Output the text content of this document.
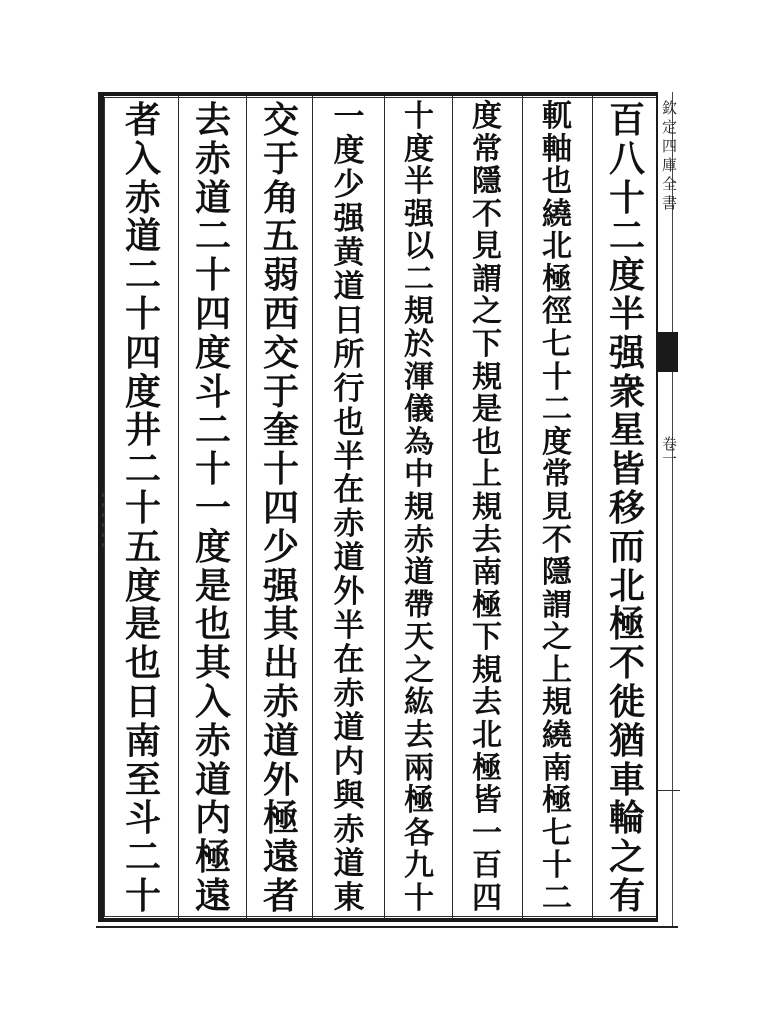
欽定四庫全書
卷一
百
八
十
二
度
半
强
衆
星
皆
移
而
北
極
不
徙
猶
車
輪
之
有
軏
軸
也
繞
北
極
徑
七
十
二
度
常
見
不
隱
謂
之
上
規
繞
南
極
七
十
二
度
常
隱
不
見
謂
之
下
規
是
也
上
規
去
南
極
下
規
去
北
極
皆
一
百
四
十
度
半
强
以
二
規
於
渾
儀
為
中
規
赤
道
帶
天
之
紘
去
兩
極
各
九
十
一
度
少
强
黄
道
日
所
行
也
半
在
赤
道
外
半
在
赤
道
内
與
赤
道
東
交
于
角
五
弱
西
交
于
奎
十
四
少
强
其
出
赤
道
外
極
遠
者
去
赤
道
二
十
四
度
斗
二
十
一
度
是
也
其
入
赤
道
内
極
遠
者
入
赤
道
二
十
四
度
井
二
十
五
度
是
也
日
南
至
斗
二
十
